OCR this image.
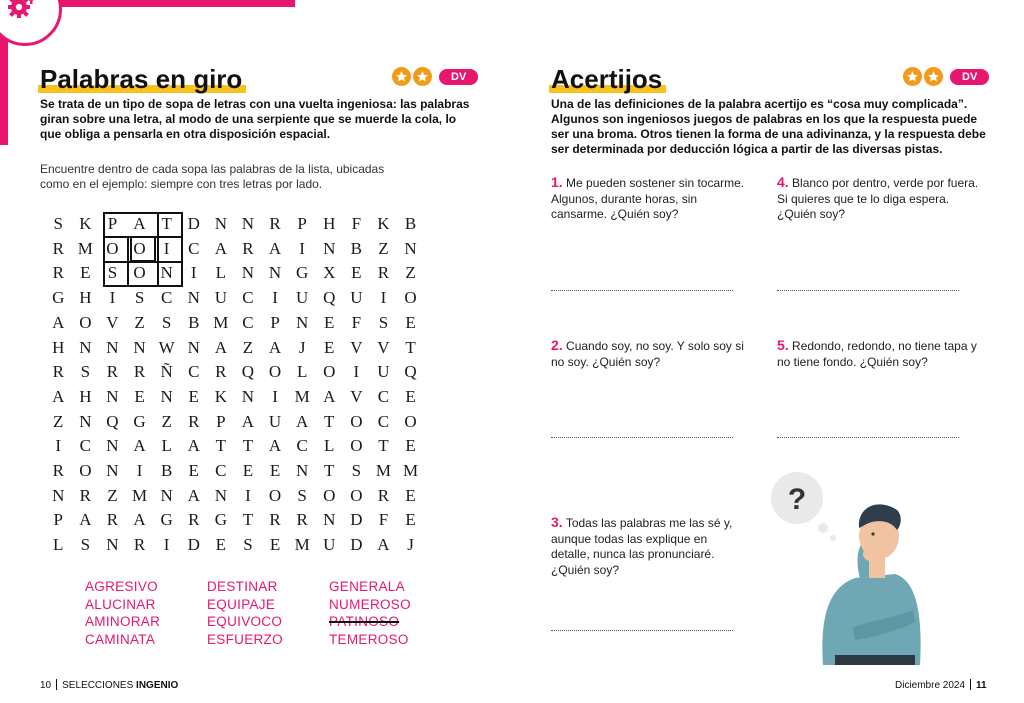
Palabras en giro	DV

Se trata de un tipo de sopa de letras con una vuelta ingeniosa: las palabras giran sobre una letra, al modo de una serpiente que se muerde la cola, lo que obliga a pensarla en otra disposición espacial.

Encuentre dentro de cada sopa las palabras de la lista, ubicadas como en el ejemplo: siempre con tres letras por lado.

S K P A T D N N R P H F K B
R M O O	I	C A R A	I	N B Z N
R E	S O N	I	L N N G X E R Z
G H	I	S C N U C	I	U Q U	I	O
A O V Z	S B M C P N E	F	S	E
H N N N W N A Z A	J	E V V T
R S R R Ñ C R Q O L O	I	U Q
A H N E N E K N	I M A V C E
Z N Q G Z R P A U A T O C O
I	C N A L A T T A C L O T E
R O N	I	B E C E E N T	S M M
N R Z M N A N	I	O S O O R E
P A R A G R G T R R N D F	E
L	S N R	I	D E	S	E M U D A	J
AGRESIVO	DESTINAR	GENERALA
ALUCINAR	EQUIPAJE	NUMEROSO
AMINORAR	EQUIVOCO	PATINOSO
CAMINATA	ESFUERZO	TEMEROSO
Acertijos	DV

Una de las definiciones de la palabra acertijo es “cosa muy complicada”. Algunos son ingeniosos juegos de palabras en los que la respuesta puede ser una broma. Otros tienen la forma de una adivinanza, y la respuesta debe ser determinada por deducción lógica a partir de las diversas pistas.

1. Me pueden sostener sin tocarme. Algunos, durante horas, sin cansarme. ¿Quién soy?
2. Cuando soy, no soy. Y solo soy si no soy. ¿Quién soy?
3. Todas las palabras me las sé y, aunque todas las explique en detalle, nunca las pronunciaré. ¿Quién soy?
4. Blanco por dentro, verde por fuera. Si quieres que te lo diga espera. ¿Quién soy?
5. Redondo, redondo, no tiene tapa y no tiene fondo. ¿Quién soy?
?
10 SELECCIONES INGENIO	Diciembre 2024 11
